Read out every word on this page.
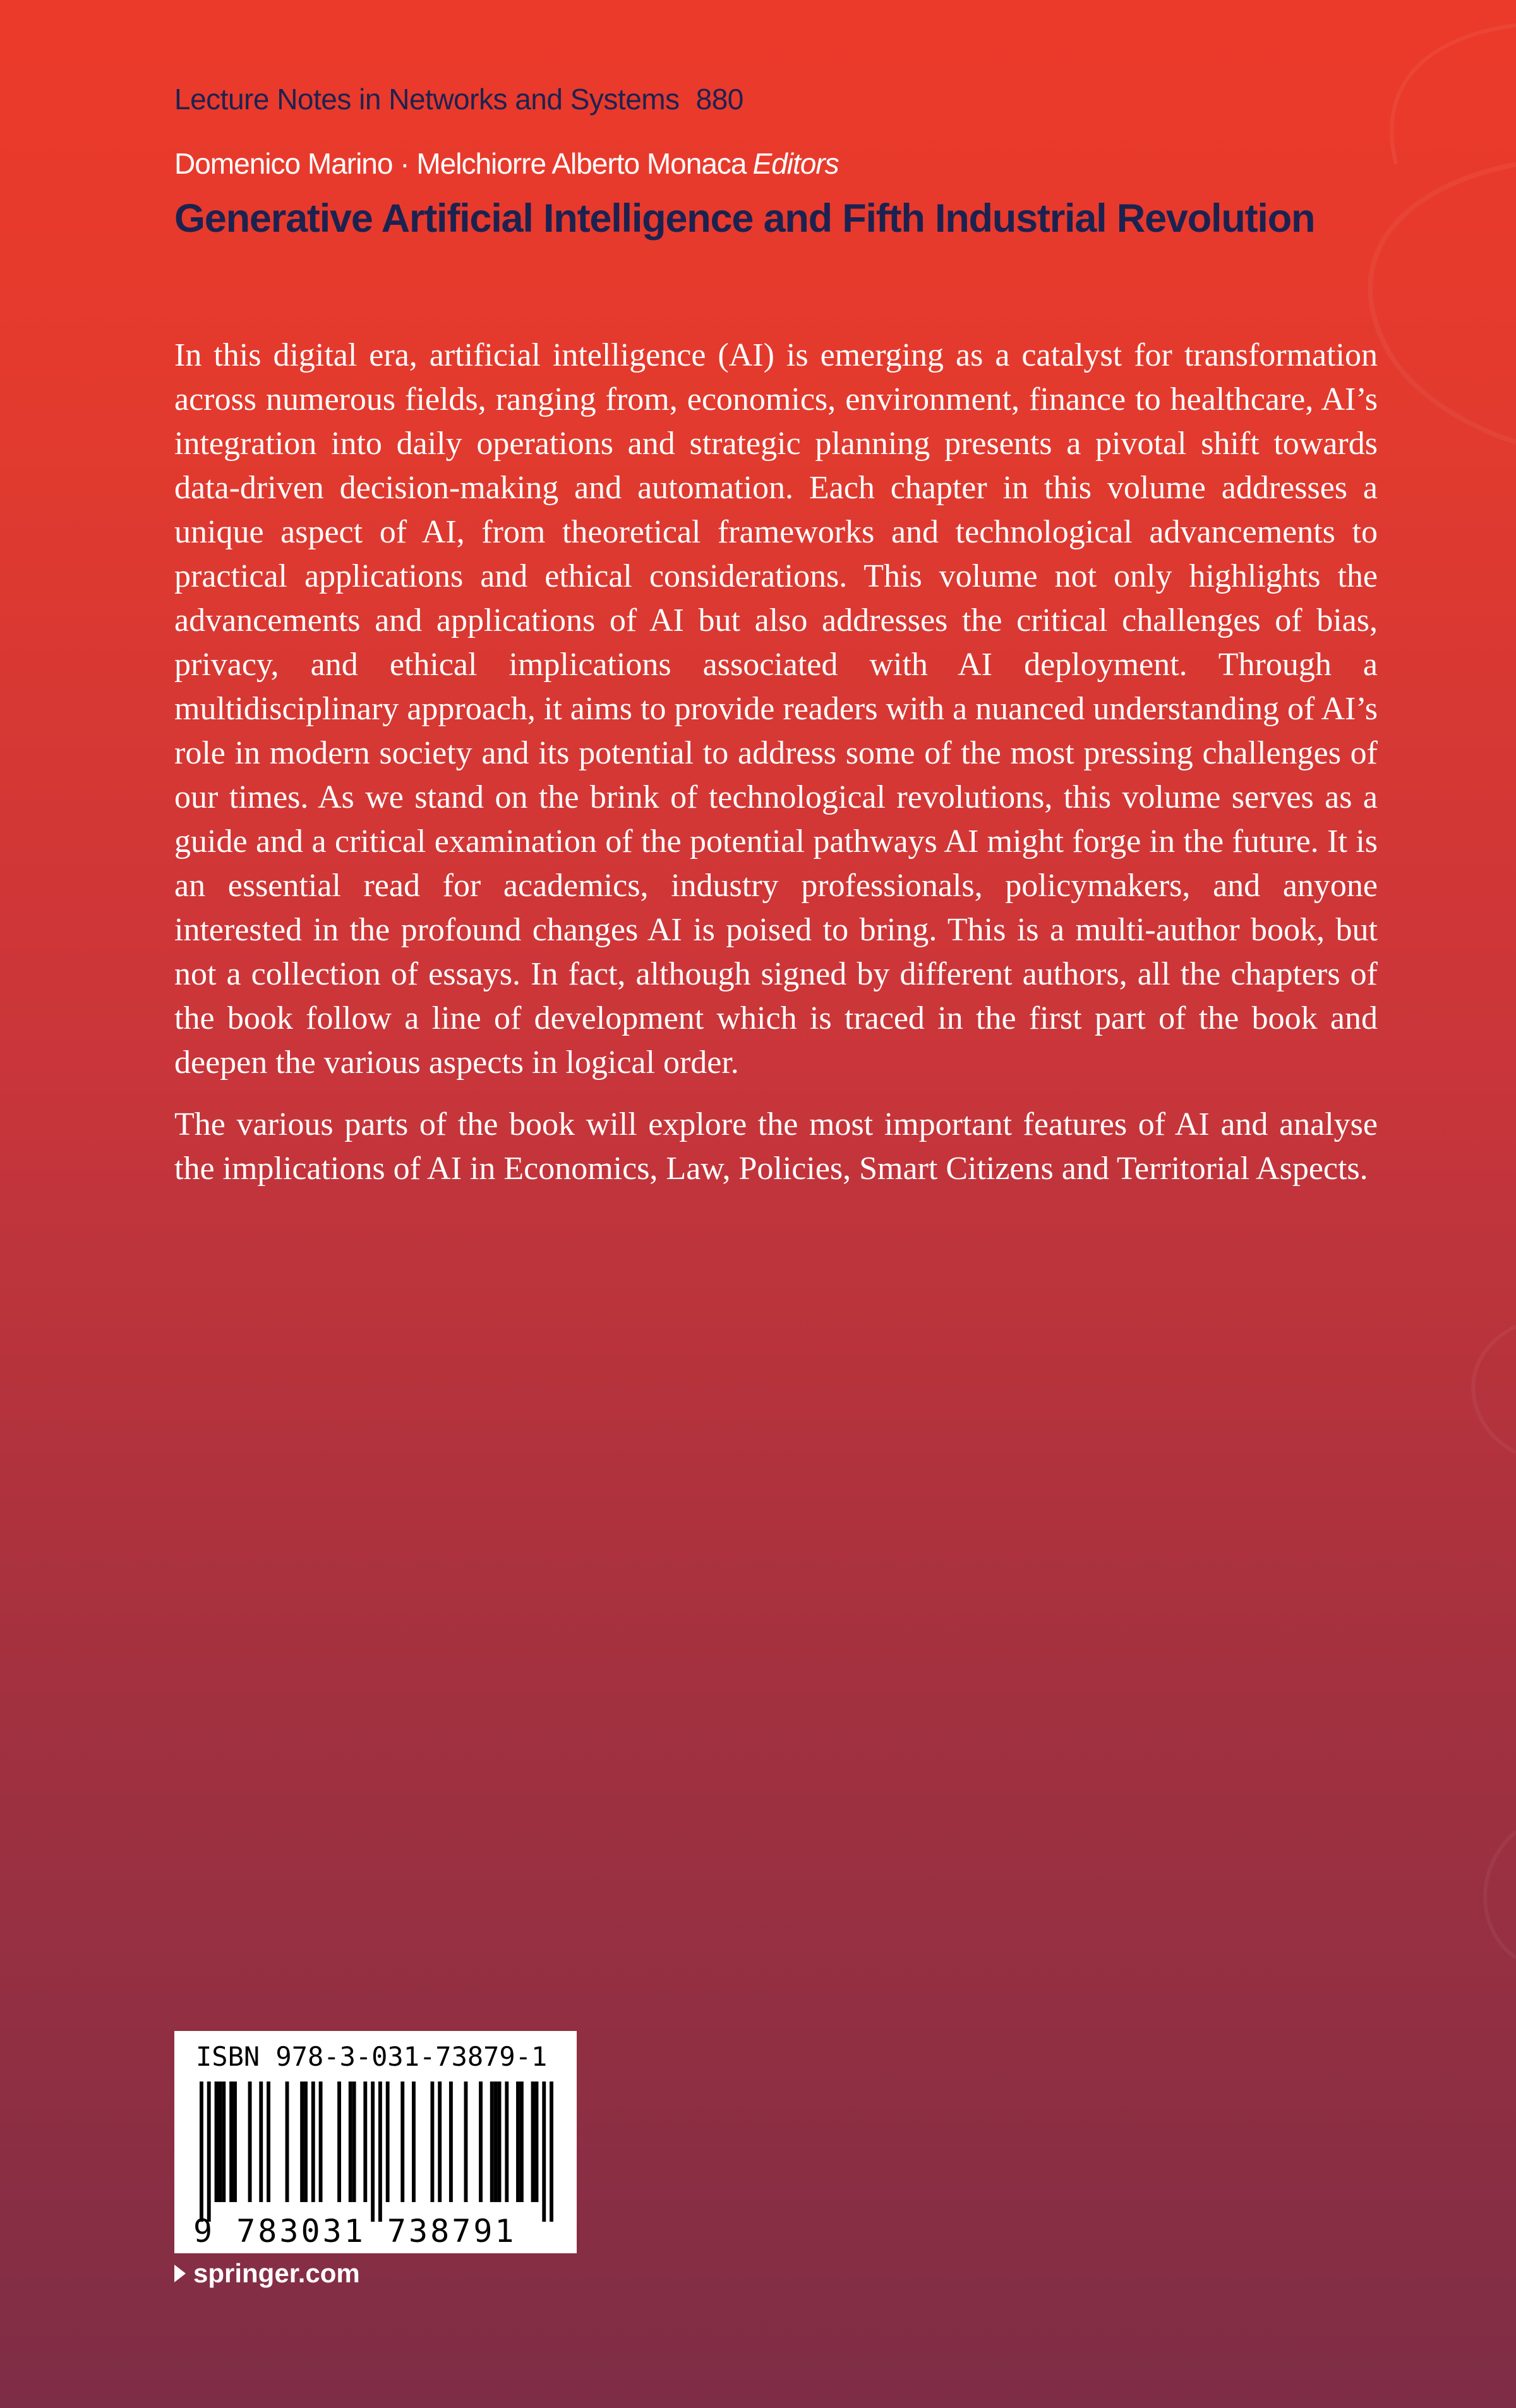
Lecture Notes in Networks and Systems 880
Domenico Marino · Melchiorre Alberto Monaca Editors
Generative Artificial Intelligence and Fifth Industrial Revolution

In this digital era, artificial intelligence (AI) is emerging as a catalyst for transformation across numerous fields, ranging from, economics, environment, finance to healthcare, AI’s integration into daily operations and strategic planning presents a pivotal shift towards data-driven decision-making and automation. Each chapter in this volume addresses a unique aspect of AI, from theoretical frameworks and technological advancements to practical applications and ethical considerations. This volume not only highlights the advancements and applications of AI but also addresses the critical challenges of bias, privacy, and ethical implications associated with AI deployment. Through a multidisciplinary approach, it aims to provide readers with a nuanced understanding of AI’s role in modern society and its potential to address some of the most pressing challenges of our times. As we stand on the brink of technological revolutions, this volume serves as a guide and a critical examination of the potential pathways AI might forge in the future. It is an essential read for academics, industry professionals, policymakers, and anyone interested in the profound changes AI is poised to bring. This is a multi-author book, but not a collection of essays. In fact, although signed by different authors, all the chapters of the book follow a line of development which is traced in the first part of the book and deepen the various aspects in logical order.

The various parts of the book will explore the most important features of AI and analyse the implications of AI in Economics, Law, Policies, Smart Citizens and Territorial Aspects.

ISBN 978-3-031-73879-1
9 783031 738791
springer.com
